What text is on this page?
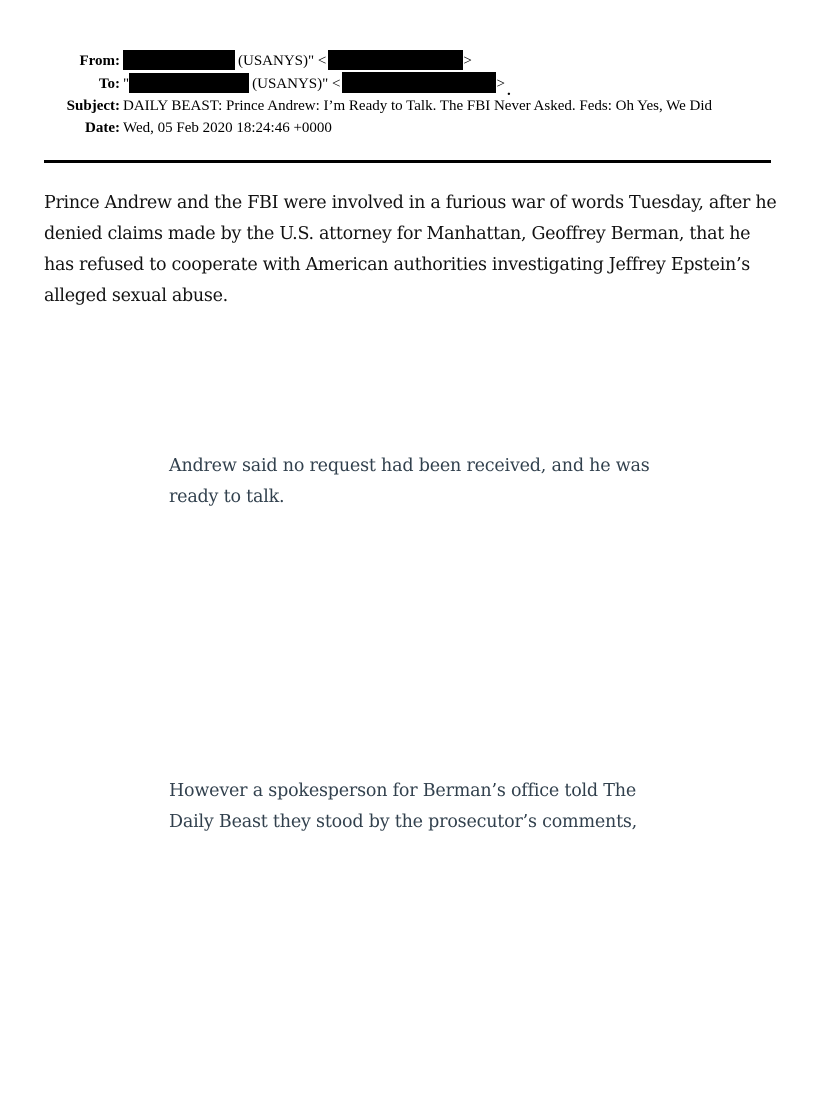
From:	(USANYS)" <	>
To: "	(USANYS)" <	> .
Subject: DAILY BEAST: Prince Andrew: I’m Ready to Talk. The FBI Never Asked. Feds: Oh Yes, We Did
Date: Wed, 05 Feb 2020 18:24:46 +0000
Prince Andrew and the FBI were involved in a furious war of words Tuesday, after he
denied claims made by the U.S. attorney for Manhattan, Geoffrey Berman, that he
has refused to cooperate with American authorities investigating Jeffrey Epstein’s
alleged sexual abuse.
Andrew said no request had been received, and he was
ready to talk.
However a spokesperson for Berman’s office told The
Daily Beast they stood by the prosecutor’s comments,
